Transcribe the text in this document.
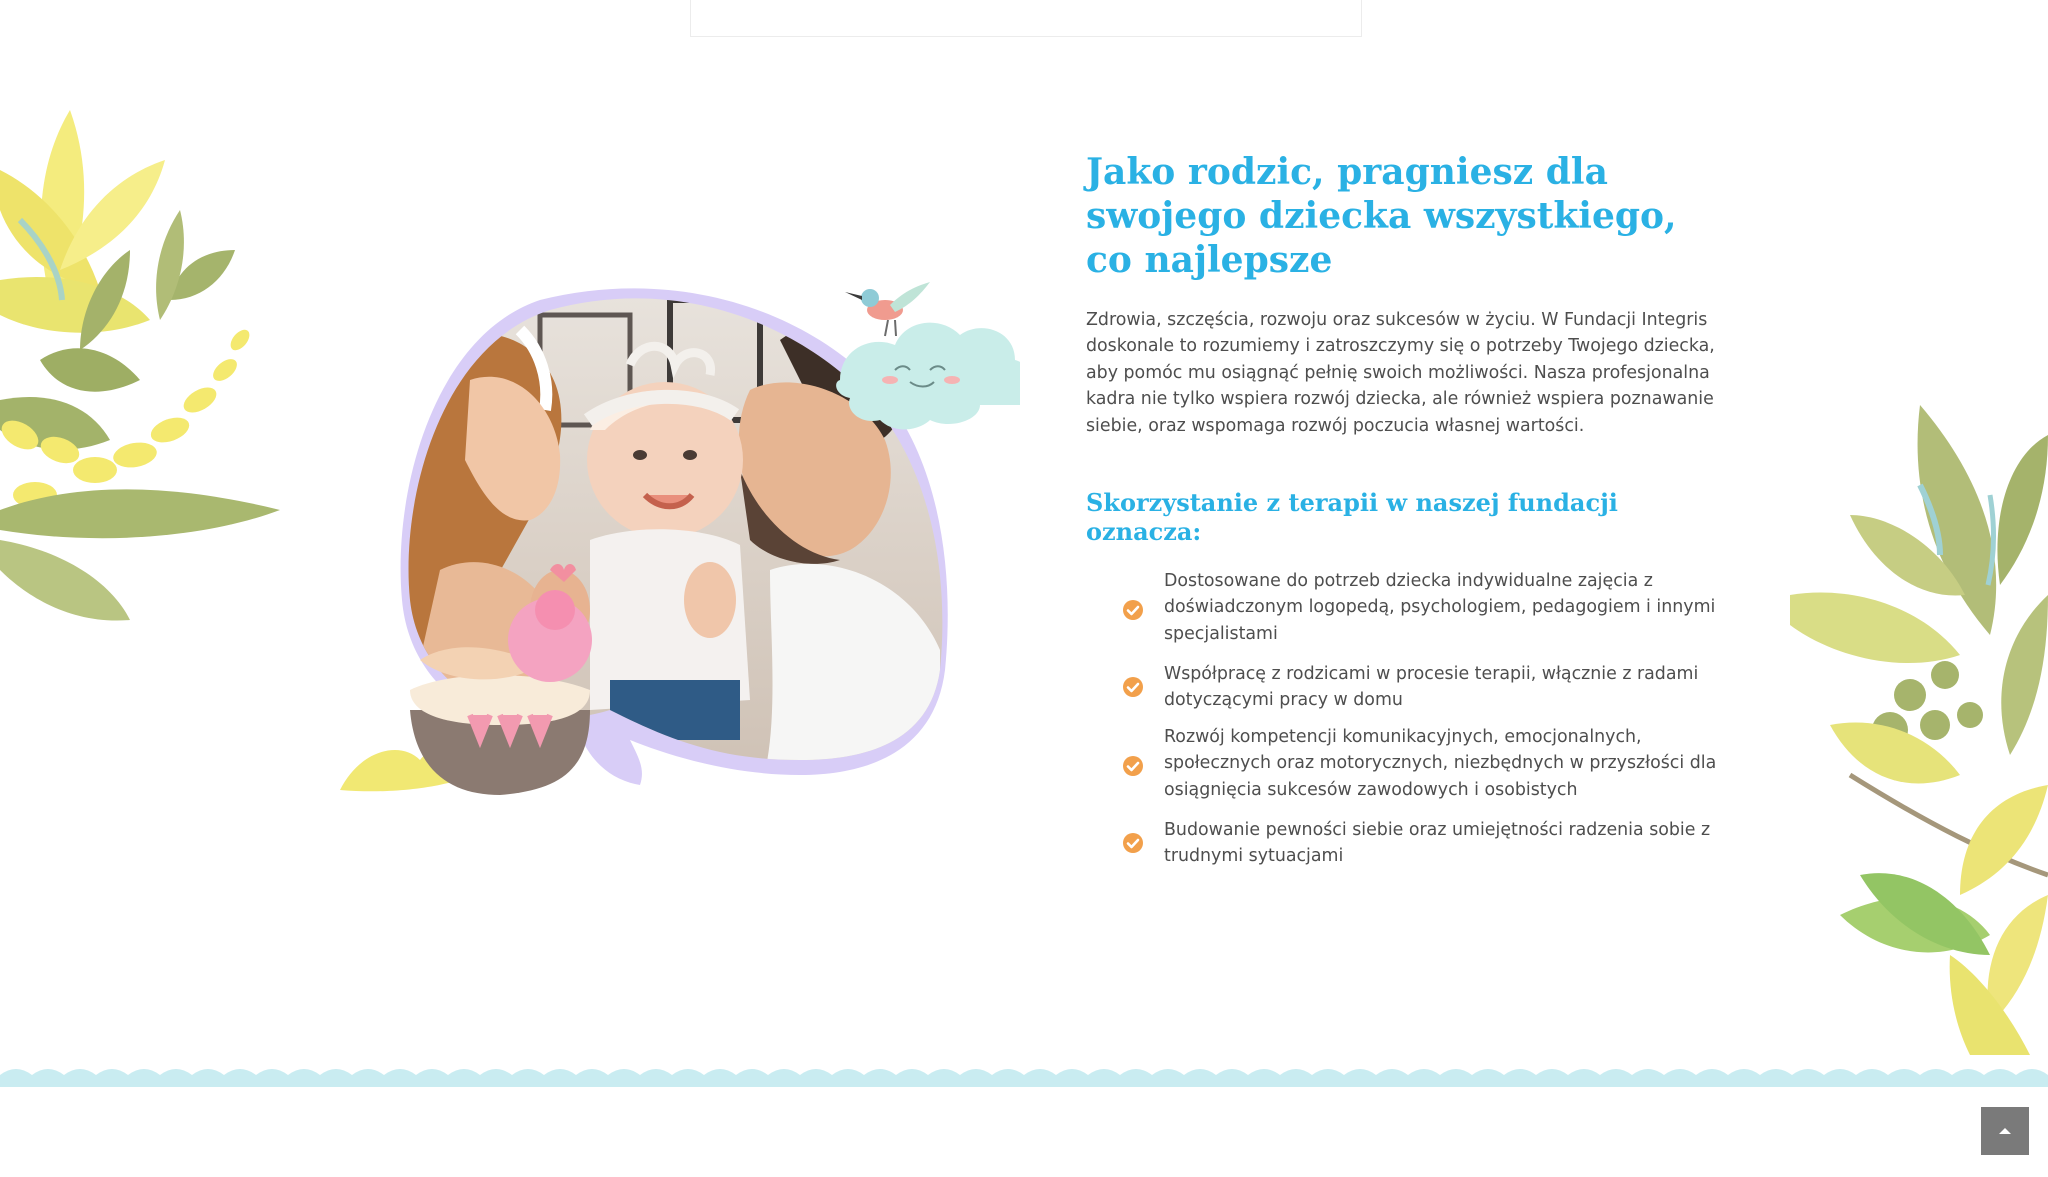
Jako rodzic, pragniesz dla swojego dziecka wszystkiego, co najlepsze

Zdrowia, szczęścia, rozwoju oraz sukcesów w życiu. W Fundacji Integris doskonale to rozumiemy i zatroszczymy się o potrzeby Twojego dziecka, aby pomóc mu osiągnąć pełnię swoich możliwości. Nasza profesjonalna kadra nie tylko wspiera rozwój dziecka, ale również wspiera poznawanie siebie, oraz wspomaga rozwój poczucia własnej wartości.

Skorzystanie z terapii w naszej fundacji oznacza:
Dostosowane do potrzeb dziecka indywidualne zajęcia z doświadczonym logopedą, psychologiem, pedagogiem i innymi specjalistami
Współpracę z rodzicami w procesie terapii, włącznie z radami dotyczącymi pracy w domu
Rozwój kompetencji komunikacyjnych, emocjonalnych, społecznych oraz motorycznych, niezbędnych w przyszłości dla osiągnięcia sukcesów zawodowych i osobistych
Budowanie pewności siebie oraz umiejętności radzenia sobie z trudnymi sytuacjami
